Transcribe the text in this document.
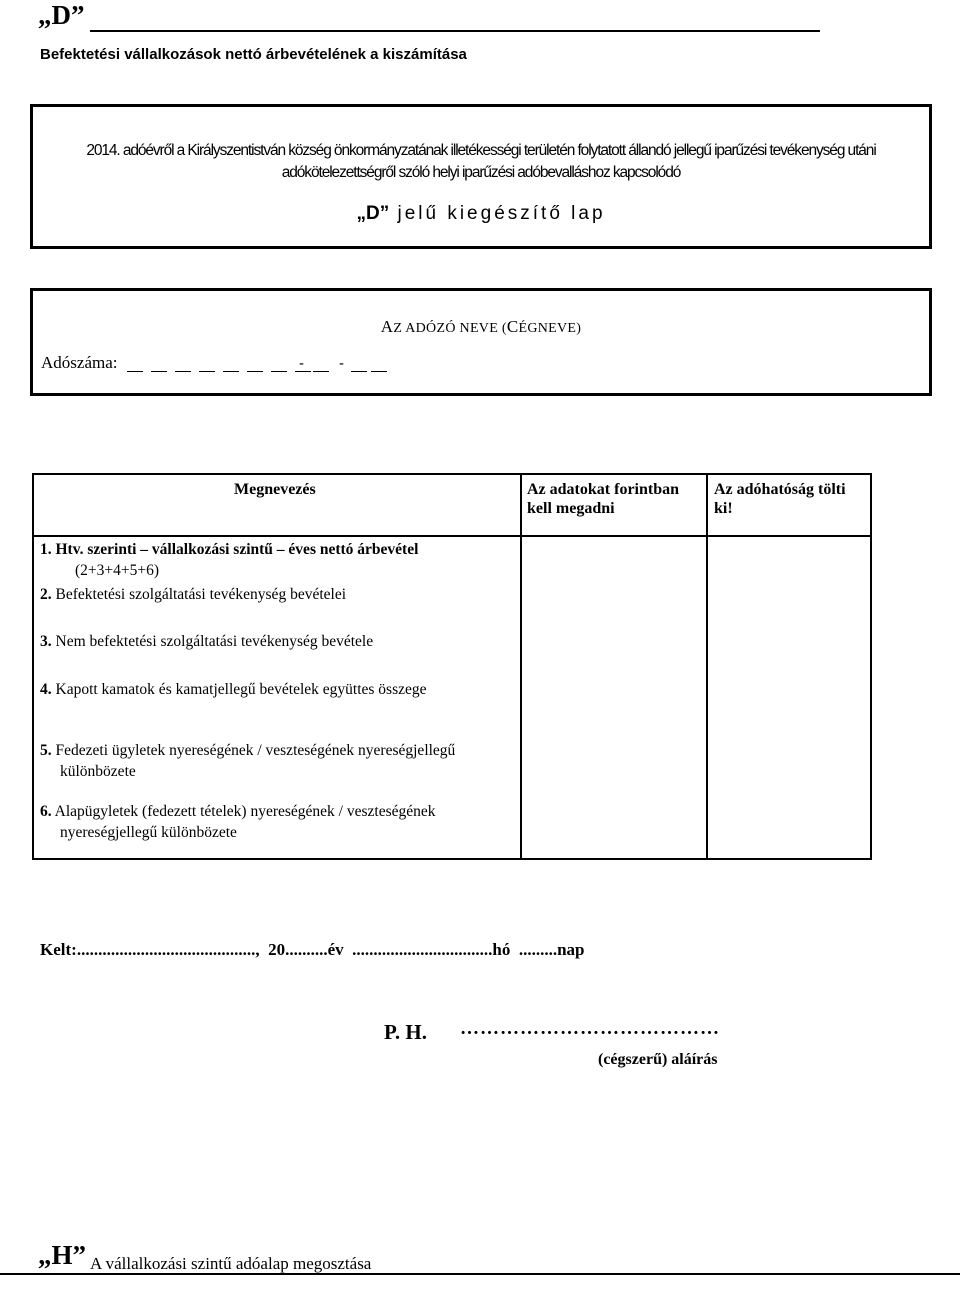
„D”
Befektetési vállalkozások nettó árbevételének a kiszámítása
2014. adóévről a Királyszentistván község önkormányzatának illetékességi területén folytatott állandó jellegű iparűzési tevékenység utáni
adókötelezettségről szóló helyi iparűzési adóbevalláshoz kapcsolódó
„D” jelű kiegészítő lap
AZ ADÓZÓ NEVE (CÉGNEVE)
Adószáma:	- -
Megnevezés	Az adatokat forintban kell megadni
Az adóhatóság tölti ki!
1. Htv. szerinti – vállalkozási szintű – éves nettó árbevétel
(2+3+4+5+6)
2. Befektetési szolgáltatási tevékenység bevételei
3. Nem befektetési szolgáltatási tevékenység bevétele
4. Kapott kamatok és kamatjellegű bevételek együttes összege
5. Fedezeti ügyletek nyereségének / veszteségének nyereségjellegű
különbözete
6. Alapügyletek (fedezett tételek) nyereségének / veszteségének
nyereségjellegű különbözete
Kelt:..........................................,  20..........év  .................................hó  .........nap
P. H. …………………………………
(cégszerű) aláírás
„H” A vállalkozási szintű adóalap megosztása
